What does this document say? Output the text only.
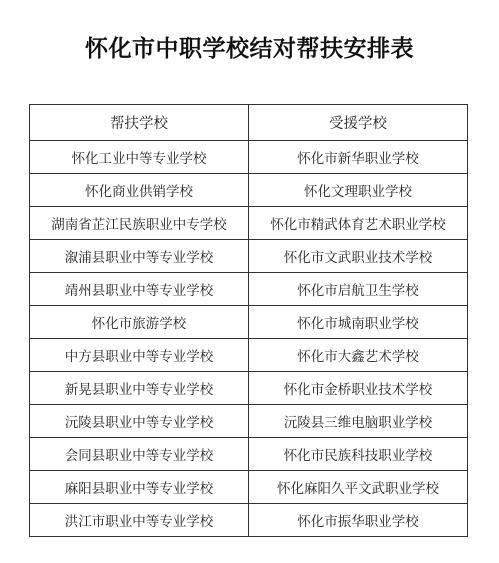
怀化市中职学校结对帮扶安排表
帮扶学校	受援学校
怀化工业中等专业学校	怀化市新华职业学校
怀化商业供销学校	怀化文理职业学校
湖南省芷江民族职业中专学校	怀化市精武体育艺术职业学校
溆浦县职业中等专业学校	怀化市文武职业技术学校
靖州县职业中等专业学校	怀化市启航卫生学校
怀化市旅游学校	怀化市城南职业学校
中方县职业中等专业学校	怀化市大鑫艺术学校
新晃县职业中等专业学校	怀化市金桥职业技术学校
沅陵县职业中等专业学校	沅陵县三维电脑职业学校
会同县职业中等专业学校	怀化市民族科技职业学校
麻阳县职业中等专业学校	怀化麻阳久平文武职业学校
洪江市职业中等专业学校	怀化市振华职业学校
